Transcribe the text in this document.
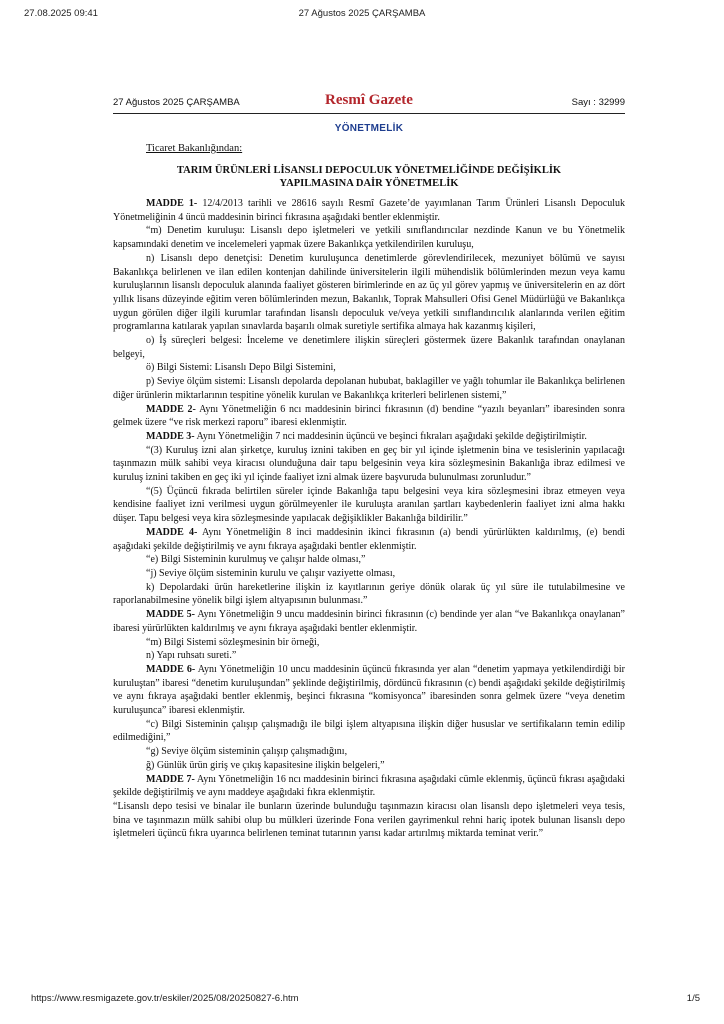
27.08.2025 09:41	27 Ağustos 2025 ÇARŞAMBA
27 Ağustos 2025 ÇARŞAMBA	Resmî Gazete	Sayı : 32999
YÖNETMELİK
Ticaret Bakanlığından:
TARIM ÜRÜNLERİ LİSANSLI DEPOCULUK YÖNETMELİĞİNDE DEĞİŞİKLİK
YAPILMASINA DAİR YÖNETMELİK

MADDE 1- 12/4/2013 tarihli ve 28616 sayılı Resmî Gazete’de yayımlanan Tarım Ürünleri Lisanslı Depoculuk Yönetmeliğinin 4 üncü maddesinin birinci fıkrasına aşağıdaki bentler eklenmiştir.

“m) Denetim kuruluşu: Lisanslı depo işletmeleri ve yetkili sınıflandırıcılar nezdinde Kanun ve bu Yönetmelik kapsamındaki denetim ve incelemeleri yapmak üzere Bakanlıkça yetkilendirilen kuruluşu,

n) Lisanslı depo denetçisi: Denetim kuruluşunca denetimlerde görevlendirilecek, mezuniyet bölümü ve sayısı Bakanlıkça belirlenen ve ilan edilen kontenjan dahilinde üniversitelerin ilgili mühendislik bölümlerinden mezun veya kamu kuruluşlarının lisanslı depoculuk alanında faaliyet gösteren birimlerinde en az üç yıl görev yapmış ve üniversitelerin en az dört yıllık lisans düzeyinde eğitim veren bölümlerinden mezun, Bakanlık, Toprak Mahsulleri Ofisi Genel Müdürlüğü ve Bakanlıkça uygun görülen diğer ilgili kurumlar tarafından lisanslı depoculuk ve/veya yetkili sınıflandırıcılık alanlarında verilen eğitim programlarına katılarak yapılan sınavlarda başarılı olmak suretiyle sertifika almaya hak kazanmış kişileri,

o) İş süreçleri belgesi: İnceleme ve denetimlere ilişkin süreçleri göstermek üzere Bakanlık tarafından onaylanan belgeyi,

ö) Bilgi Sistemi: Lisanslı Depo Bilgi Sistemini,

p) Seviye ölçüm sistemi: Lisanslı depolarda depolanan hububat, baklagiller ve yağlı tohumlar ile Bakanlıkça belirlenen diğer ürünlerin miktarlarının tespitine yönelik kurulan ve Bakanlıkça kriterleri belirlenen sistemi,”

MADDE 2- Aynı Yönetmeliğin 6 ncı maddesinin birinci fıkrasının (d) bendine “yazılı beyanları” ibaresinden sonra gelmek üzere “ve risk merkezi raporu” ibaresi eklenmiştir.

MADDE 3- Aynı Yönetmeliğin 7 nci maddesinin üçüncü ve beşinci fıkraları aşağıdaki şekilde değiştirilmiştir.

“(3) Kuruluş izni alan şirketçe, kuruluş iznini takiben en geç bir yıl içinde işletmenin bina ve tesislerinin yapılacağı taşınmazın mülk sahibi veya kiracısı olunduğuna dair tapu belgesinin veya kira sözleşmesinin Bakanlığa ibraz edilmesi ve kuruluş iznini takiben en geç iki yıl içinde faaliyet izni almak üzere başvuruda bulunulması zorunludur.”

“(5) Üçüncü fıkrada belirtilen süreler içinde Bakanlığa tapu belgesini veya kira sözleşmesini ibraz etmeyen veya kendisine faaliyet izni verilmesi uygun görülmeyenler ile kuruluşta aranılan şartları kaybedenlerin faaliyet izni alma hakkı düşer. Tapu belgesi veya kira sözleşmesinde yapılacak değişiklikler Bakanlığa bildirilir.”

MADDE 4- Aynı Yönetmeliğin 8 inci maddesinin ikinci fıkrasının (a) bendi yürürlükten kaldırılmış, (e) bendi aşağıdaki şekilde değiştirilmiş ve aynı fıkraya aşağıdaki bentler eklenmiştir.

“e) Bilgi Sisteminin kurulmuş ve çalışır halde olması,”

“j) Seviye ölçüm sisteminin kurulu ve çalışır vaziyette olması,

k) Depolardaki ürün hareketlerine ilişkin iz kayıtlarının geriye dönük olarak üç yıl süre ile tutulabilmesine ve raporlanabilmesine yönelik bilgi işlem altyapısının bulunması.”

MADDE 5- Aynı Yönetmeliğin 9 uncu maddesinin birinci fıkrasının (c) bendinde yer alan “ve Bakanlıkça onaylanan” ibaresi yürürlükten kaldırılmış ve aynı fıkraya aşağıdaki bentler eklenmiştir.

“m) Bilgi Sistemi sözleşmesinin bir örneği,

n) Yapı ruhsatı sureti.”

MADDE 6- Aynı Yönetmeliğin 10 uncu maddesinin üçüncü fıkrasında yer alan “denetim yapmaya yetkilendirdiği bir kuruluştan” ibaresi “denetim kuruluşundan” şeklinde değiştirilmiş, dördüncü fıkrasının (c) bendi aşağıdaki şekilde değiştirilmiş ve aynı fıkraya aşağıdaki bentler eklenmiş, beşinci fıkrasına “komisyonca” ibaresinden sonra gelmek üzere “veya denetim kuruluşunca” ibaresi eklenmiştir.

“c) Bilgi Sisteminin çalışıp çalışmadığı ile bilgi işlem altyapısına ilişkin diğer hususlar ve sertifikaların temin edilip edilmediğini,”

“g) Seviye ölçüm sisteminin çalışıp çalışmadığını,

ğ) Günlük ürün giriş ve çıkış kapasitesine ilişkin belgeleri,”

MADDE 7- Aynı Yönetmeliğin 16 ncı maddesinin birinci fıkrasına aşağıdaki cümle eklenmiş, üçüncü fıkrası aşağıdaki şekilde değiştirilmiş ve aynı maddeye aşağıdaki fıkra eklenmiştir.

“Lisanslı depo tesisi ve binalar ile bunların üzerinde bulunduğu taşınmazın kiracısı olan lisanslı depo işletmeleri veya tesis, bina ve taşınmazın mülk sahibi olup bu mülkleri üzerinde Fona verilen gayrimenkul rehni hariç ipotek bulunan lisanslı depo işletmeleri üçüncü fıkra uyarınca belirlenen teminat tutarının yarısı kadar artırılmış miktarda teminat verir.”

https://www.resmigazete.gov.tr/eskiler/2025/08/20250827-6.htm	1/5
